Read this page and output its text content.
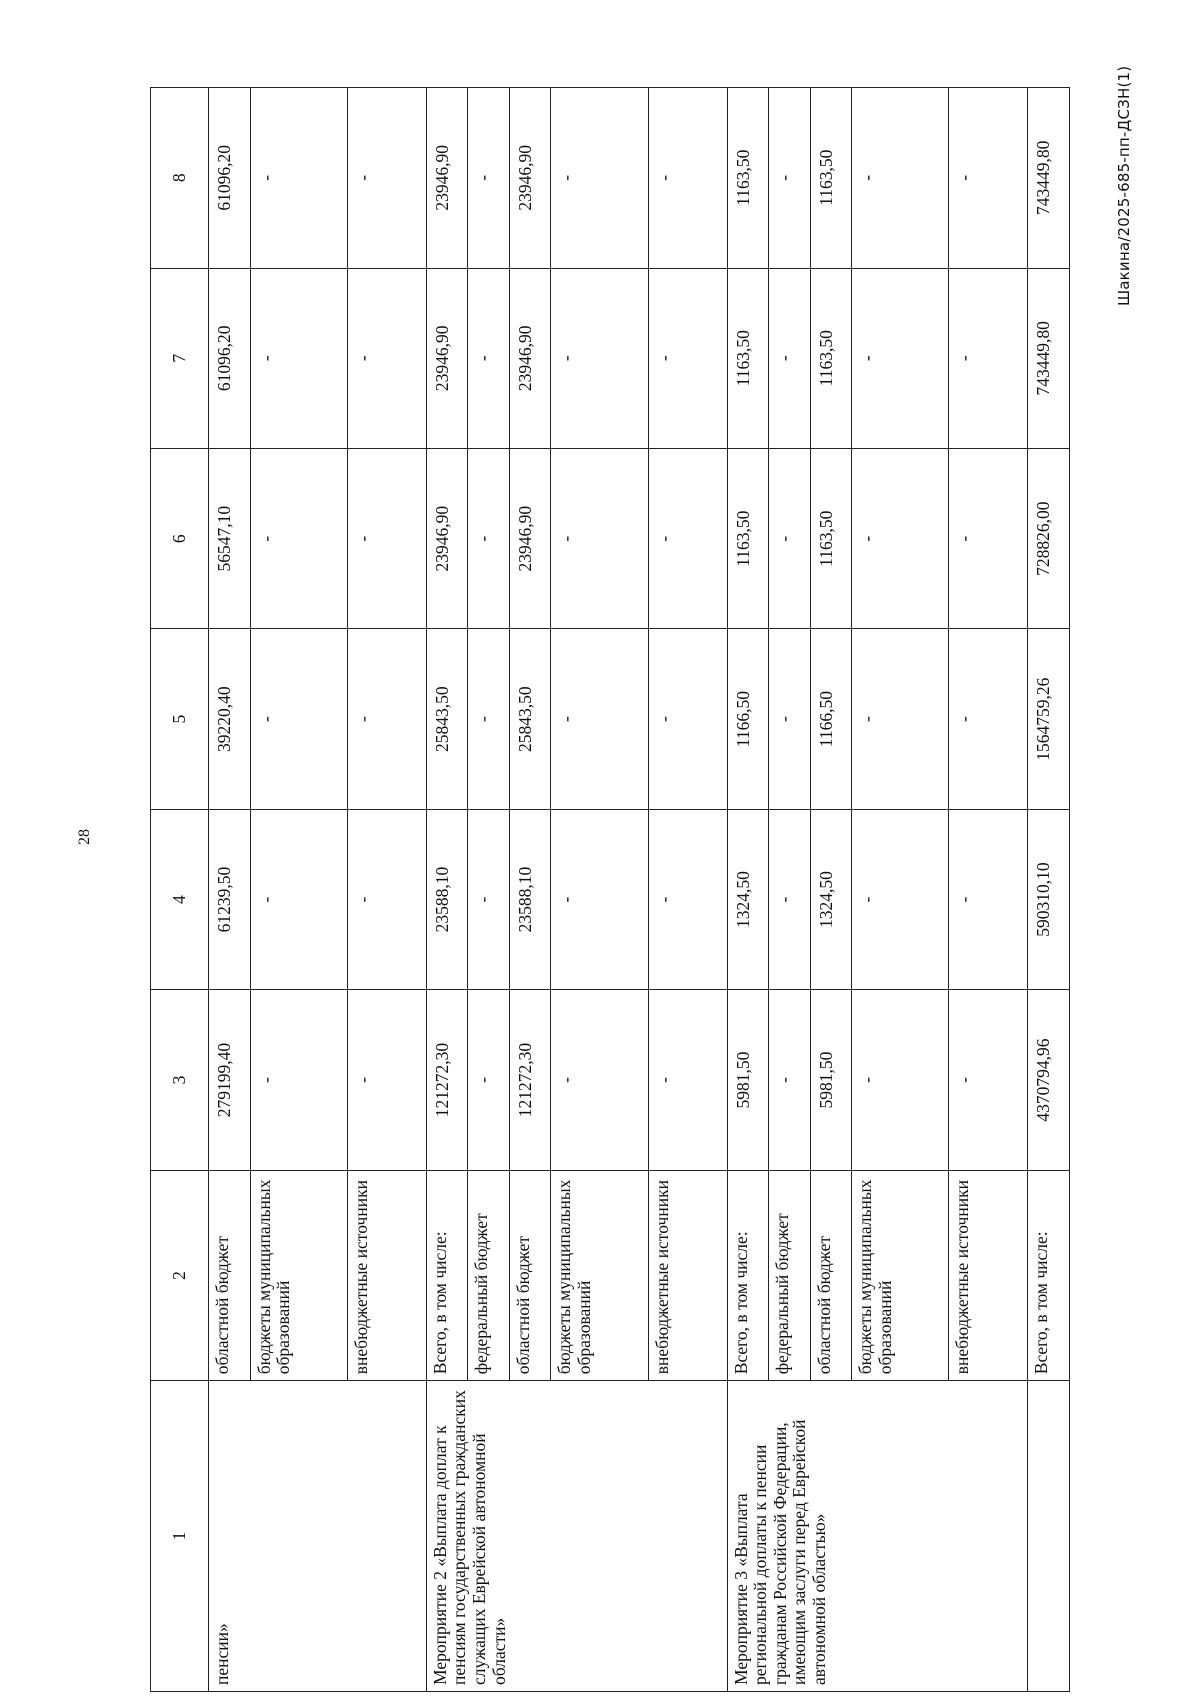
28
Шакина/2025-685-пп-ДСЗН(1)
1	2	3	4	5	6	7	8
пенсии»	областной бюджет	279199,40	61239,50	39220,40	56547,10	61096,20	61096,20
	бюджеты муниципальных образований	-	-	-	-	-	-
	внебюджетные источники	-	-	-	-	-	-
Мероприятие 2 «Выплата доплат к пенсиям государственных гражданских служащих Еврейской автономной области»	Всего, в том числе:	121272,30	23588,10	25843,50	23946,90	23946,90	23946,90
	федеральный бюджет	-	-	-	-	-	-
	областной бюджет	121272,30	23588,10	25843,50	23946,90	23946,90	23946,90
	бюджеты муниципальных образований	-	-	-	-	-	-
	внебюджетные источники	-	-	-	-	-	-
Мероприятие 3 «Выплата региональной доплаты к пенсии гражданам Российской Федерации, имеющим заслуги перед Еврейской автономной областью»	Всего, в том числе:	5981,50	1324,50	1166,50	1163,50	1163,50	1163,50
	федеральный бюджет	-	-	-	-	-	-
	областной бюджет	5981,50	1324,50	1166,50	1163,50	1163,50	1163,50
	бюджеты муниципальных образований	-	-	-	-	-	-
	внебюджетные источники	-	-	-	-	-	-
	Всего, в том числе:	4370794,96	590310,10	1564759,26	728826,00	743449,80	743449,80
